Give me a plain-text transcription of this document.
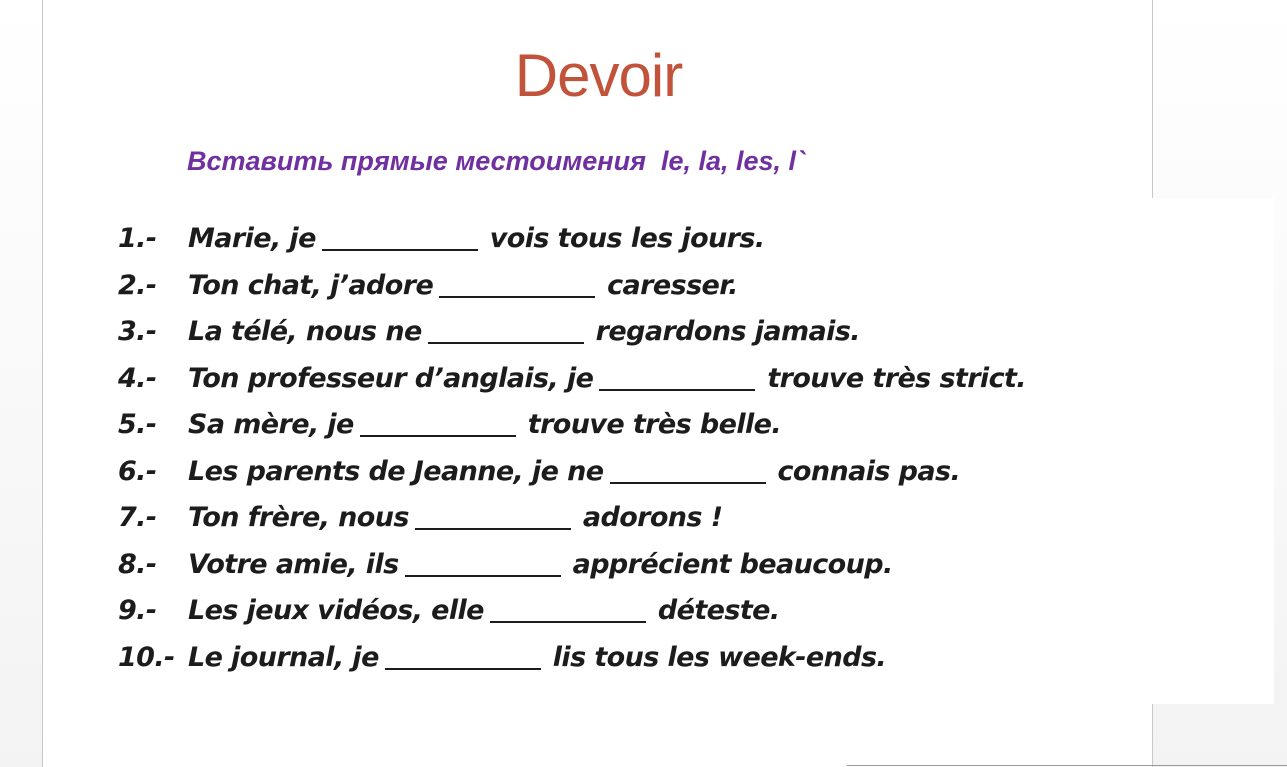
Devoir
Вставить прямые местоимения  le, la, les, l`
1.- Marie, je	vois tous les jours.
2.- Ton chat, j’adore	caresser.
3.- La télé, nous ne	regardons jamais.
4.- Ton professeur d’anglais, je	trouve très strict.
5.- Sa mère, je	trouve très belle.
6.- Les parents de Jeanne, je ne	connais pas.
7.- Ton frère, nous	adorons !
8.- Votre amie, ils	apprécient beaucoup.
9.- Les jeux vidéos, elle	déteste.
10.- Le journal, je	lis tous les week-ends.
